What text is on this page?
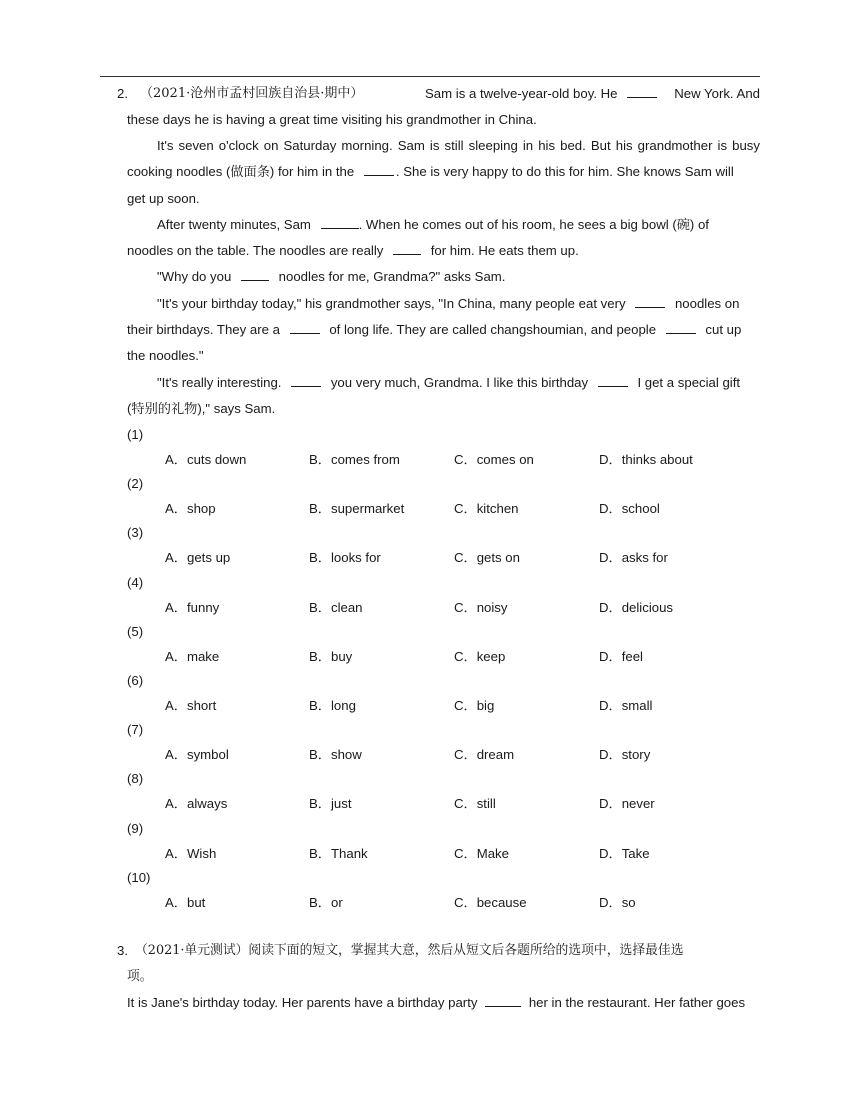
2. （2021·沧州市孟村回族自治县·期中）	Sam is a twelve-year-old boy. He	New York. And
these days he is having a great time visiting his grandmother in China.
It's seven o'clock on Saturday morning. Sam is still sleeping in his bed. But his grandmother is busy
cooking noodles (做面条) for him in the	. She is very happy to do this for him. She knows Sam will
get up soon.
After twenty minutes, Sam	. When he comes out of his room, he sees a big bowl (碗) of
noodles on the table. The noodles are really	for him. He eats them up.
"Why do you	noodles for me, Grandma?" asks Sam.
"It's your birthday today," his grandmother says, "In China, many people eat very	noodles on
their birthdays. They are a	of long life. They are called changshoumian, and people	cut up
the noodles."
"It's really interesting.	you very much, Grandma. I like this birthday	I get a special gift
(特别的礼物)," says Sam.
(1)
A．cuts down	B．comes from	C．comes on	D．thinks about
(2)
A．shop	B．supermarket	C．kitchen	D．school
(3)
A．gets up	B．looks for	C．gets on	D．asks for
(4)
A．funny	B．clean	C．noisy	D．delicious
(5)
A．make	B．buy	C．keep	D．feel
(6)
A．short	B．long	C．big	D．small
(7)
A．symbol	B．show	C．dream	D．story
(8)
A．always	B．just	C．still	D．never
(9)
A．Wish	B．Thank	C．Make	D．Take
(10)
A．but	B．or	C．because	D．so
3. （2021·单元测试）阅读下面的短文，掌握其大意，然后从短文后各题所给的选项中，选择最佳选
项。
It is Jane's birthday today. Her parents have a birthday party	her in the restaurant. Her father goes
